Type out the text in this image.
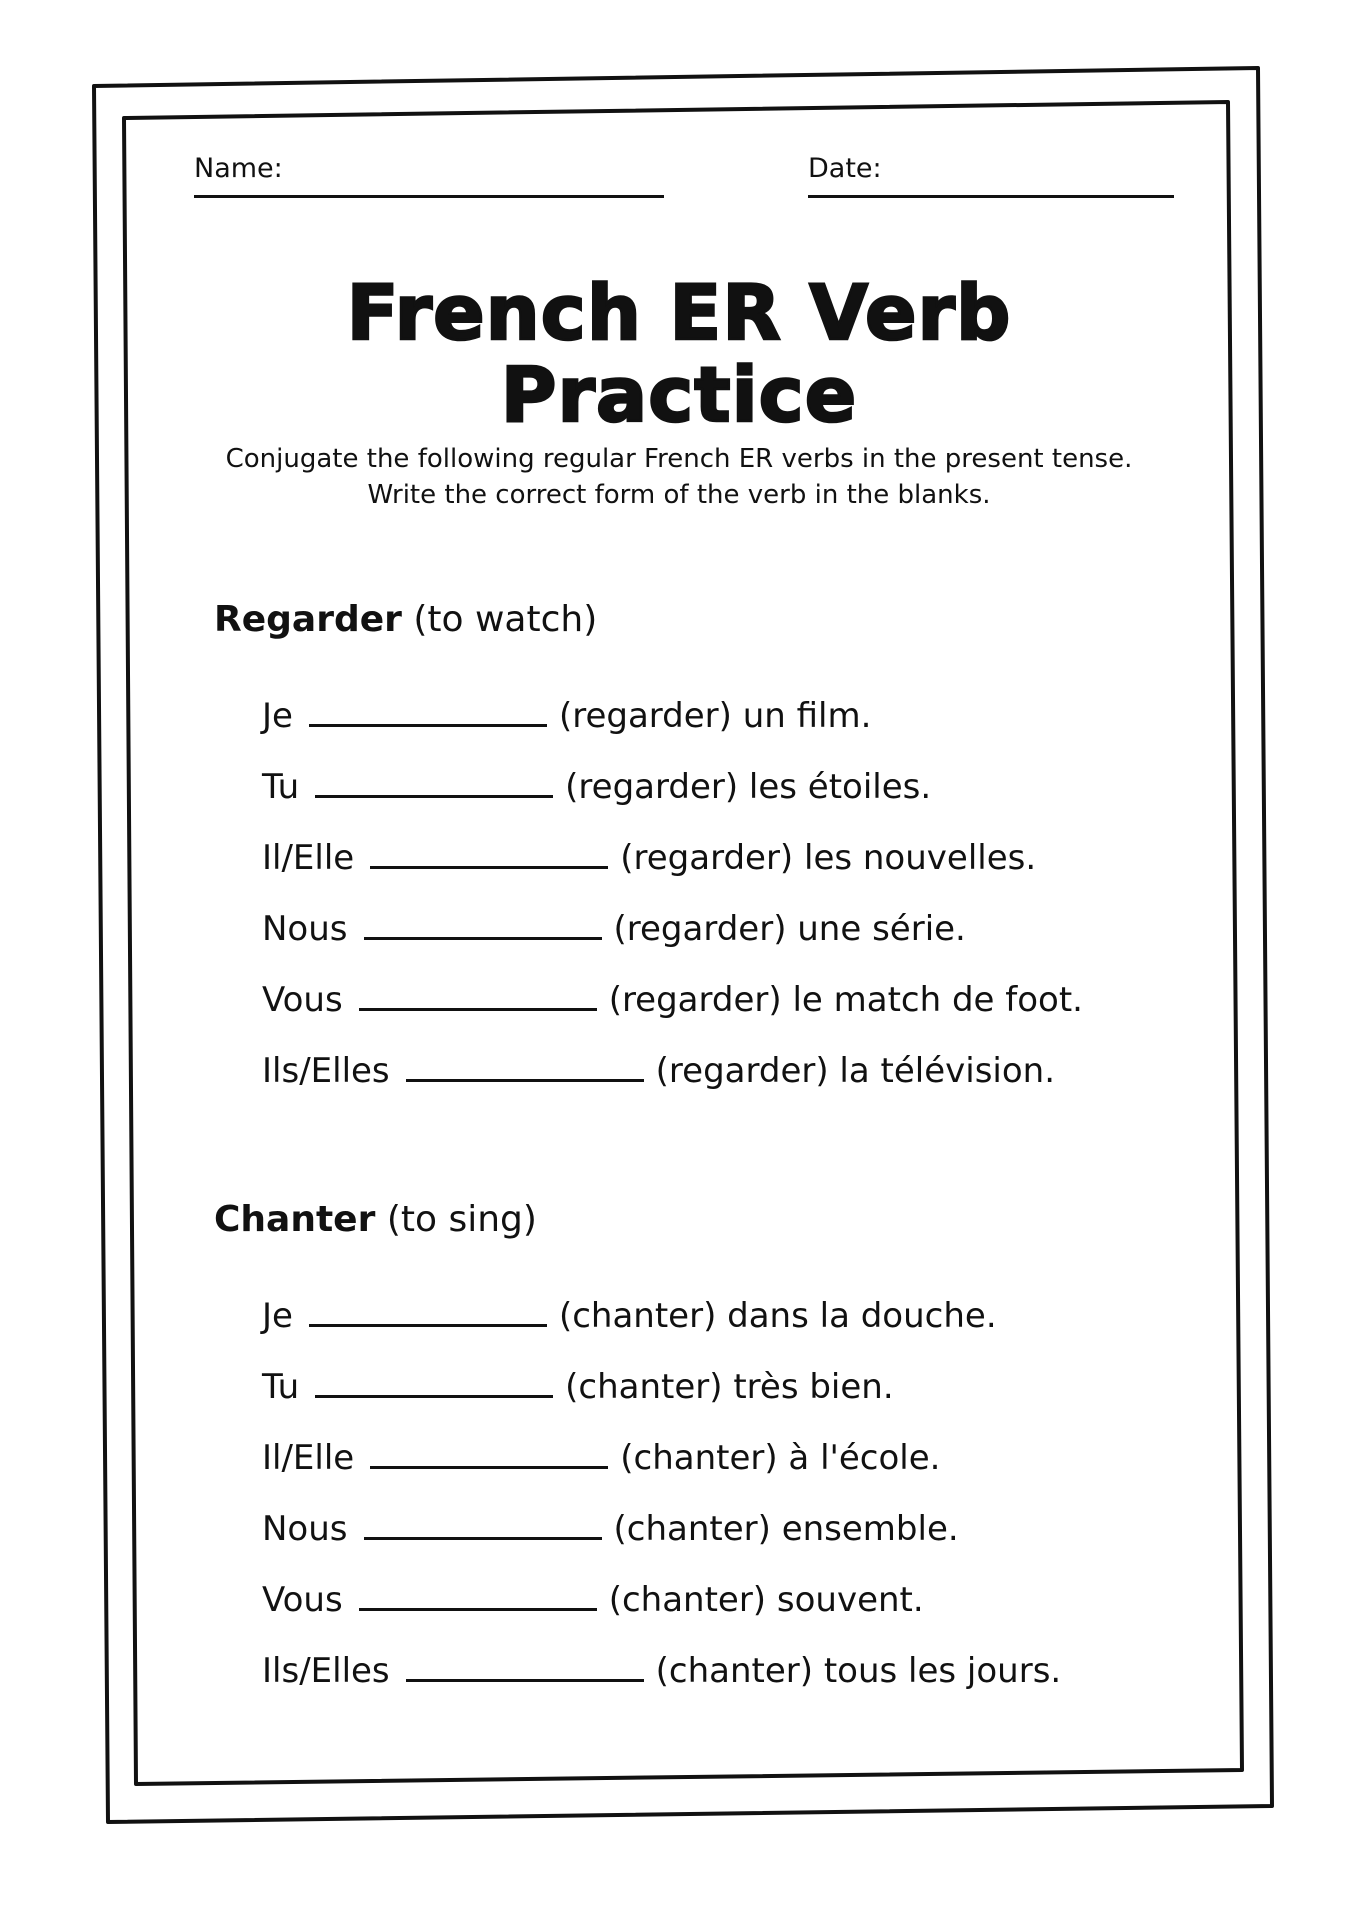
Name:	Date:
French ER Verb
Practice
Conjugate the following regular French ER verbs in the present tense.
Write the correct form of the verb in the blanks.
Regarder (to watch)
Je	(regarder) un film.
Tu	(regarder) les étoiles.
Il/Elle	(regarder) les nouvelles.
Nous	(regarder) une série.
Vous	(regarder) le match de foot.
Ils/Elles	(regarder) la télévision.
Chanter (to sing)
Je	(chanter) dans la douche.
Tu	(chanter) très bien.
Il/Elle	(chanter) à l'école.
Nous	(chanter) ensemble.
Vous	(chanter) souvent.
Ils/Elles	(chanter) tous les jours.
